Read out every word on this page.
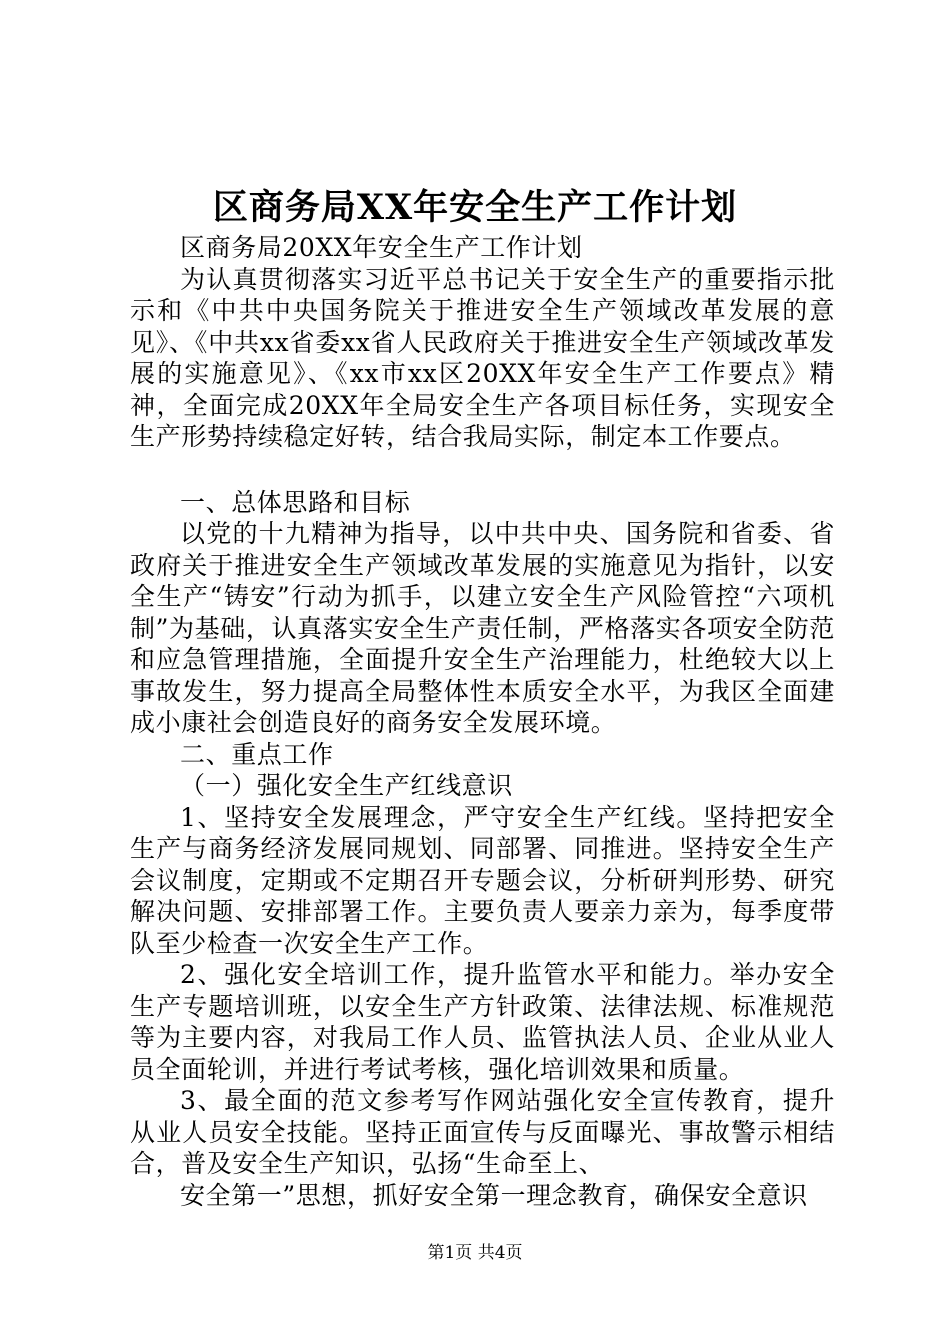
区商务局XX年安全生产工作计划

区商务局20XX年安全生产工作计划

为认真贯彻落实习近平总书记关于安全生产的重要指示批示和《中共中央国务院关于推进安全生产领域改革发展的意见》、《中共xx省委xx省人民政府关于推进安全生产领域改革发展的实施意见》、《xx市xx区20XX年安全生产工作要点》精神，全面完成20XX年全局安全生产各项目标任务，实现安全生产形势持续稳定好转，结合我局实际，制定本工作要点。

一、总体思路和目标

以党的十九精神为指导，以中共中央、国务院和省委、省政府关于推进安全生产领域改革发展的实施意见为指针，以安全生产“铸安”行动为抓手，以建立安全生产风险管控“六项机制”为基础，认真落实安全生产责任制，严格落实各项安全防范和应急管理措施，全面提升安全生产治理能力，杜绝较大以上事故发生，努力提高全局整体性本质安全水平，为我区全面建成小康社会创造良好的商务安全发展环境。

二、重点工作

（一）强化安全生产红线意识

1、坚持安全发展理念，严守安全生产红线。坚持把安全生产与商务经济发展同规划、同部署、同推进。坚持安全生产会议制度，定期或不定期召开专题会议，分析研判形势、研究解决问题、安排部署工作。主要负责人要亲力亲为，每季度带队至少检查一次安全生产工作。

2、强化安全培训工作，提升监管水平和能力。举办安全生产专题培训班，以安全生产方针政策、法律法规、标准规范等为主要内容，对我局工作人员、监管执法人员、企业从业人员全面轮训，并进行考试考核，强化培训效果和质量。

3、最全面的范文参考写作网站强化安全宣传教育，提升从业人员安全技能。坚持正面宣传与反面曝光、事故警示相结合，普及安全生产知识，弘扬“生命至上、

安全第一”思想，抓好安全第一理念教育，确保安全意识

第1页 共4页
